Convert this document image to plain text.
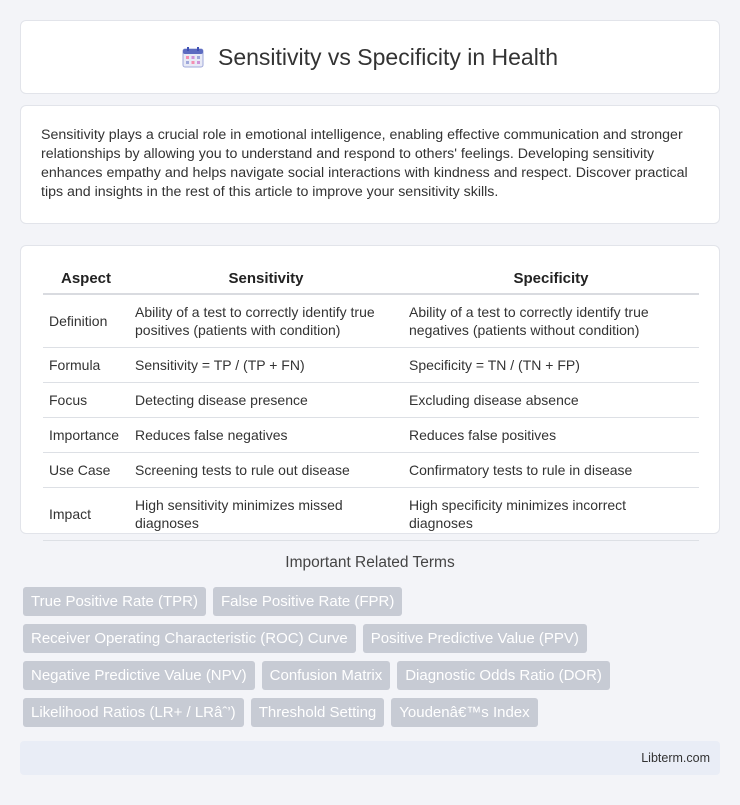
Sensitivity vs Specificity in Health

Sensitivity plays a crucial role in emotional intelligence, enabling effective communication and stronger relationships by allowing you to understand and respond to others' feelings. Developing sensitivity enhances empathy and helps navigate social interactions with kindness and respect. Discover practical tips and insights in the rest of this article to improve your sensitivity skills.

Aspect	Sensitivity	Specificity
Definition	Ability of a test to correctly identify true positives (patients with condition)	Ability of a test to correctly identify true negatives (patients without condition)
Formula	Sensitivity = TP / (TP + FN)	Specificity = TN / (TN + FP)
Focus	Detecting disease presence	Excluding disease absence
Importance	Reduces false negatives	Reduces false positives
Use Case	Screening tests to rule out disease	Confirmatory tests to rule in disease
Impact	High sensitivity minimizes missed diagnoses	High specificity minimizes incorrect diagnoses
Important Related Terms
True Positive Rate (TPR)	False Positive Rate (FPR)
Receiver Operating Characteristic (ROC) Curve	Positive Predictive Value (PPV)
Negative Predictive Value (NPV)	Confusion Matrix	Diagnostic Odds Ratio (DOR)
Likelihood Ratios (LR+ / LRâˆ’)	Threshold Setting	Youdenâ€™s Index
Libterm.com
